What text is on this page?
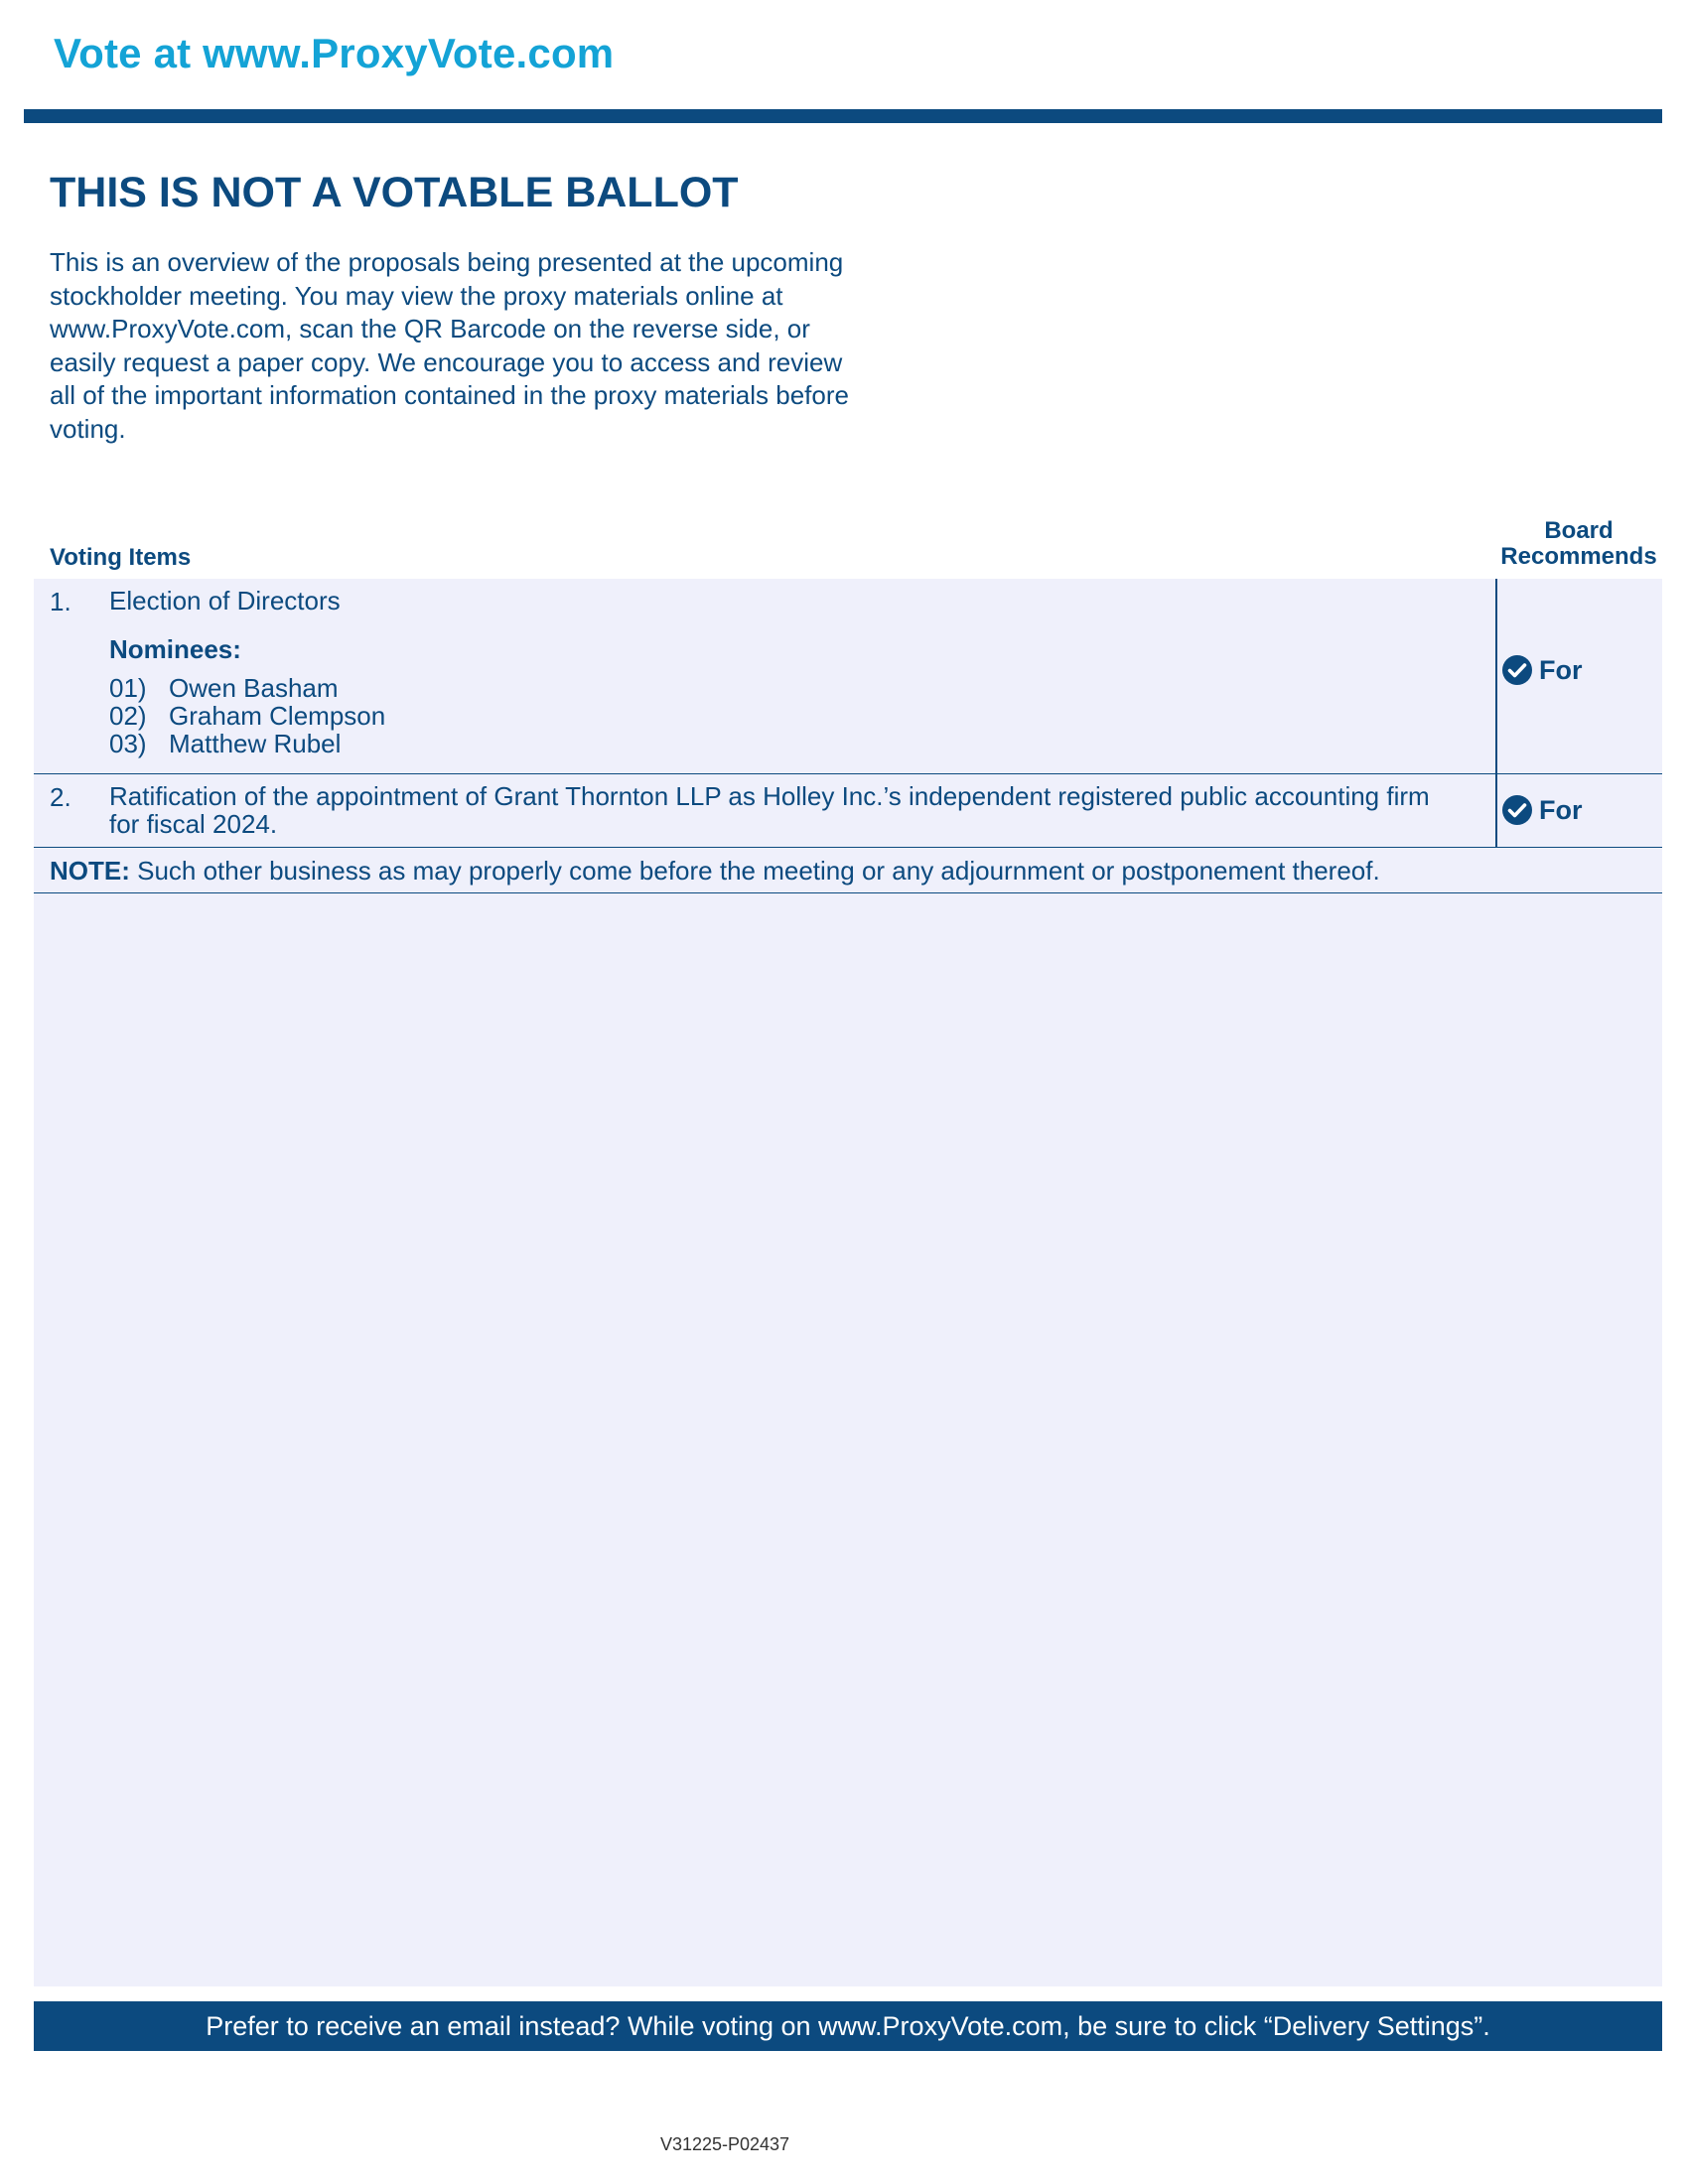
Vote at www.ProxyVote.com
THIS IS NOT A VOTABLE BALLOT

This is an overview of the proposals being presented at the upcoming stockholder meeting. You may view the proxy materials online at www.ProxyVote.com, scan the QR Barcode on the reverse side, or easily request a paper copy. We encourage you to access and review all of the important information contained in the proxy materials before voting.

Voting Items
Board
Recommends
1. Election of Directors
Nominees:
01) Owen Basham
02) Graham Clempson
03) Matthew Rubel
For
2. Ratification of the appointment of Grant Thornton LLP as Holley Inc.’s independent registered public accounting firm
for fiscal 2024.	For
NOTE: Such other business as may properly come before the meeting or any adjournment or postponement thereof.
Prefer to receive an email instead? While voting on www.ProxyVote.com, be sure to click “Delivery Settings”.
V31225-P02437
